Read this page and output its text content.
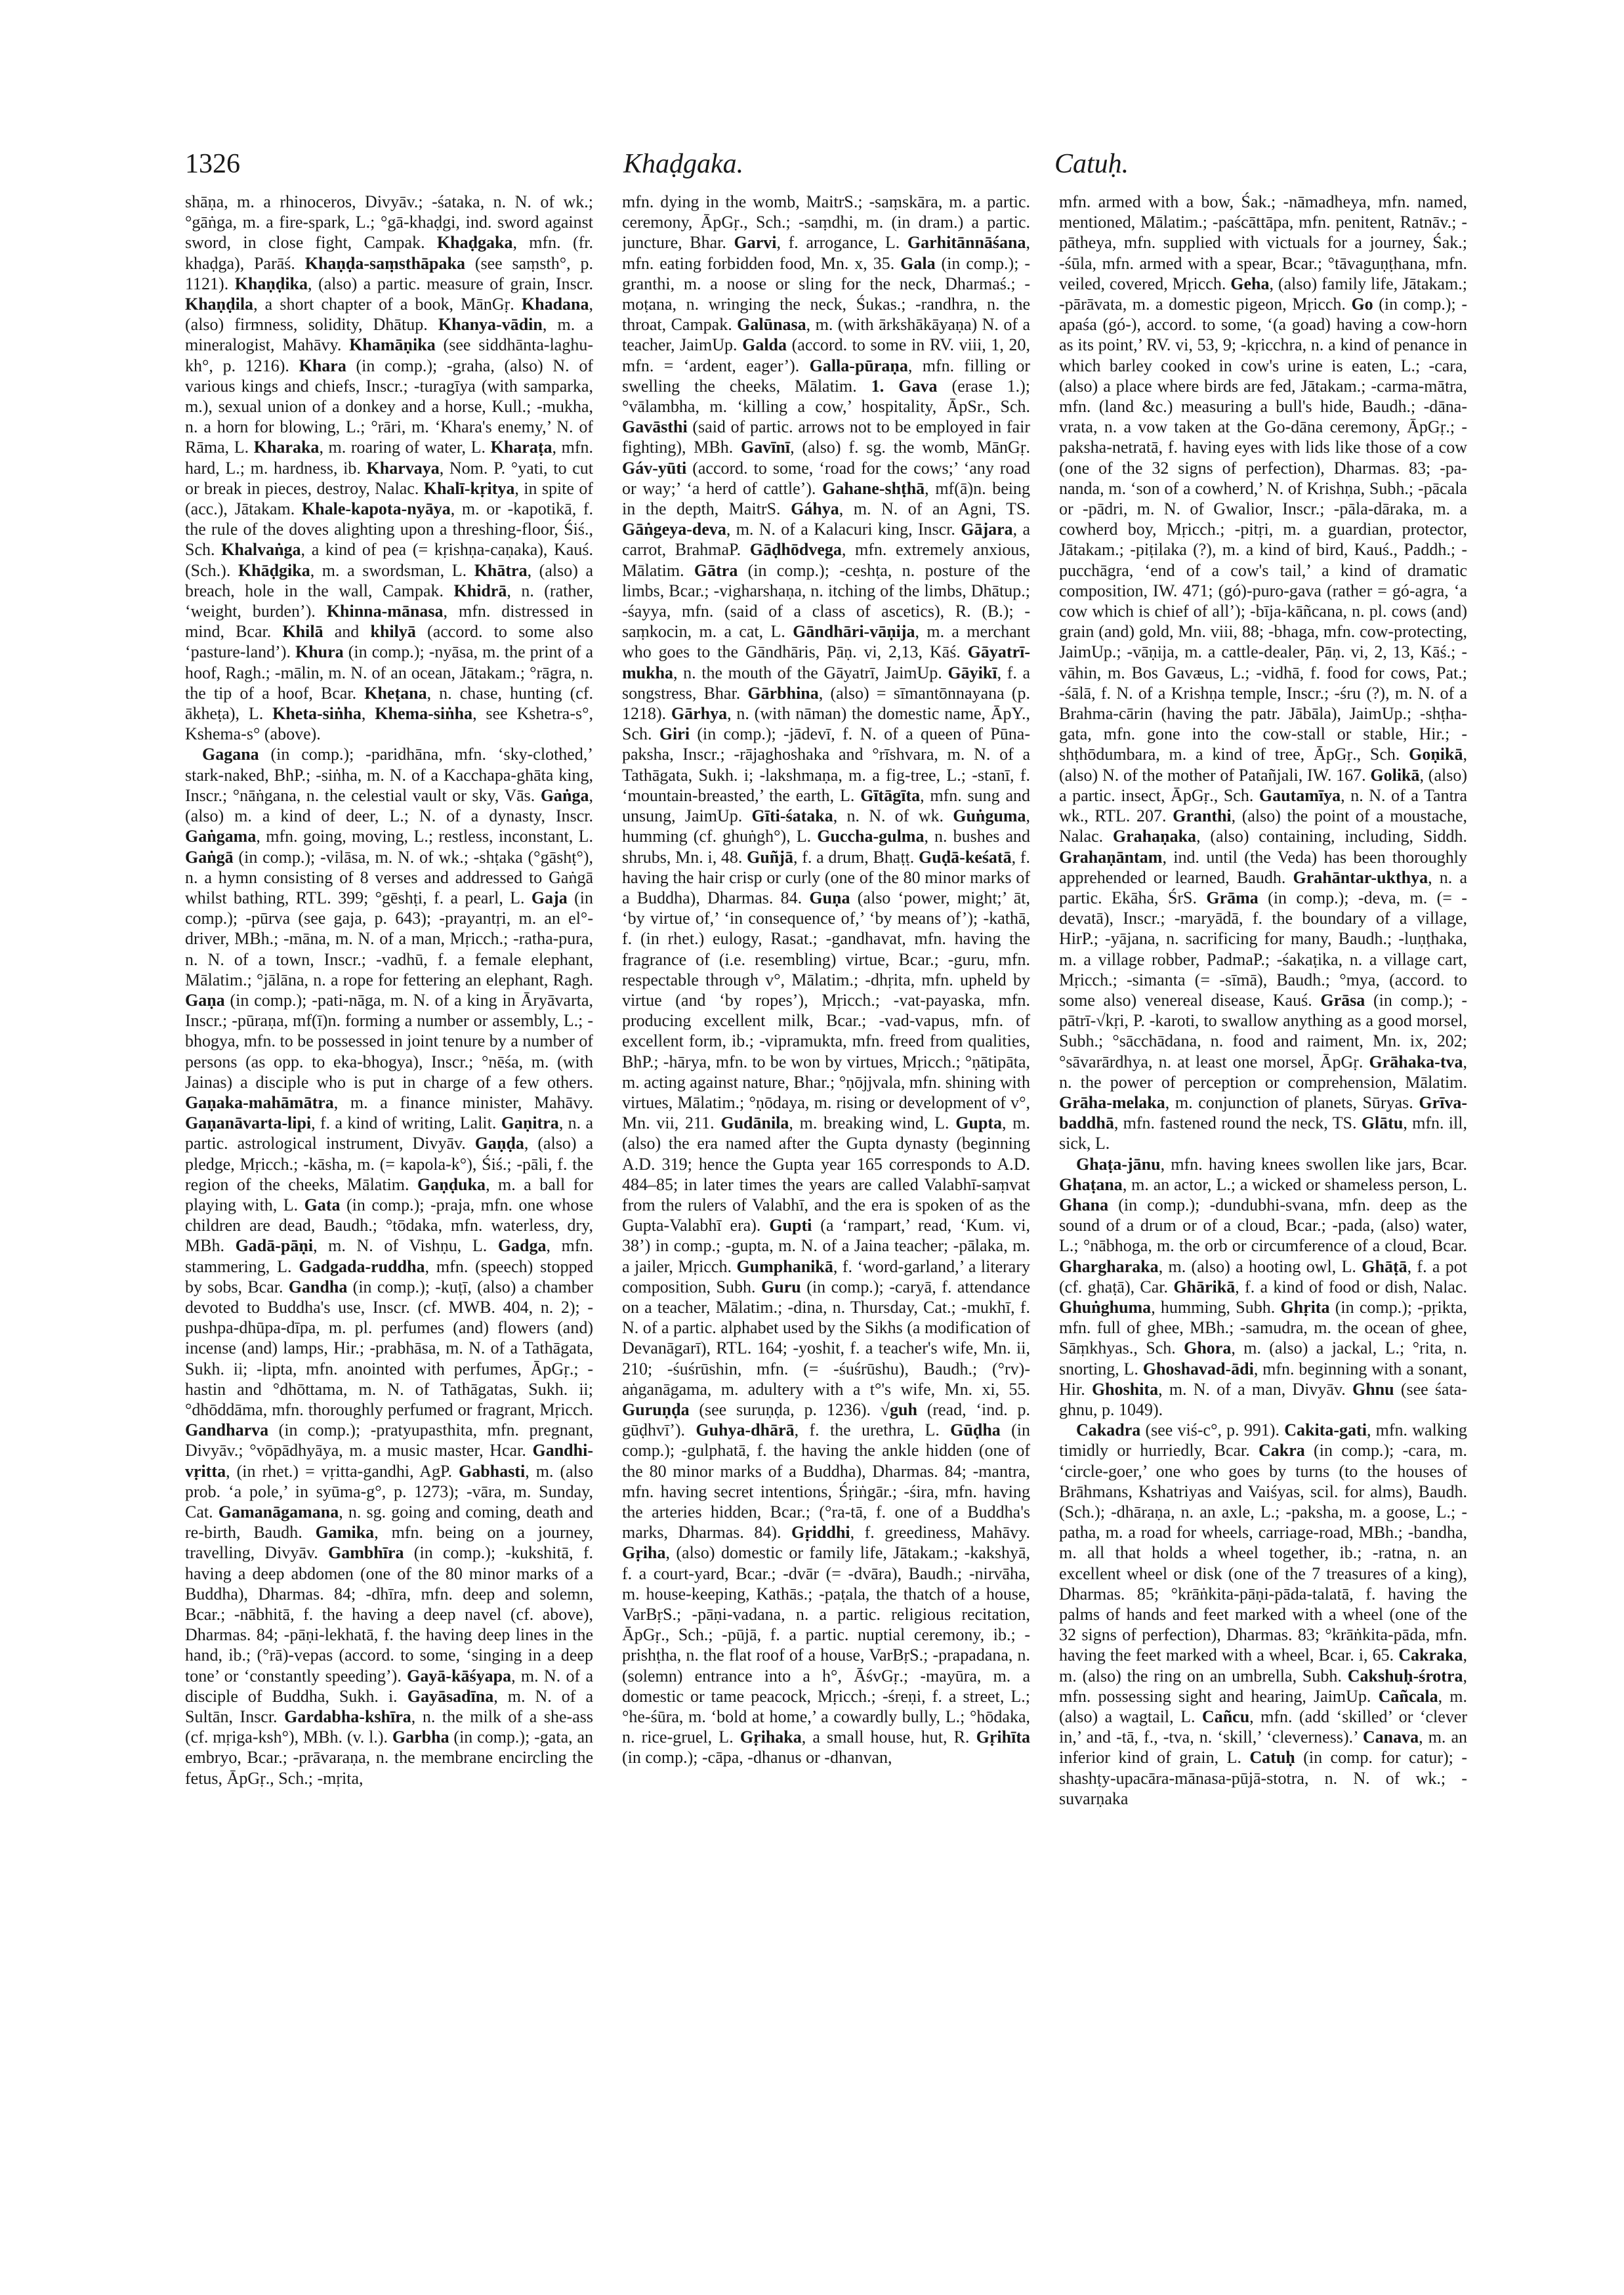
1326	Khaḍgaka.	Catuḥ.

shāṇa, m. a rhinoceros, Divyāv.; -śataka, n. N. of wk.; °gāṅga, m. a fire-spark, L.; °gā-khaḍgi, ind. sword against sword, in close fight, Campak. Khaḍgaka, mfn. (fr. khaḍga), Parāś. Khaṇḍa-saṃsthāpaka (see saṃsth°, p. 1121). Khaṇḍika, (also) a partic. measure of grain, Inscr. Khaṇḍila, a short chapter of a book, MānGṛ. Khadana, (also) firmness, solidity, Dhātup. Khanya-vādin, m. a mineralogist, Mahāvy. Khamāṇika (see siddhānta-laghu-kh°, p. 1216). Khara (in comp.); -graha, (also) N. of various kings and chiefs, Inscr.; -turagīya (with samparka, m.), sexual union of a donkey and a horse, Kull.; -mukha, n. a horn for blowing, L.; °rāri, m. ‘Khara's enemy,’ N. of Rāma, L. Kharaka, m. roaring of water, L. Kharaṭa, mfn. hard, L.; m. hardness, ib. Kharvaya, Nom. P. °yati, to cut or break in pieces, destroy, Nalac. Khalī-kṛitya, in spite of (acc.), Jātakam. Khale-kapota-nyāya, m. or -kapotikā, f. the rule of the doves alighting upon a threshing-floor, Śiś., Sch. Khalvaṅga, a kind of pea (= kṛishṇa-caṇaka), Kauś. (Sch.). Khāḍgika, m. a swordsman, L. Khātra, (also) a breach, hole in the wall, Campak. Khidrā, n. (rather, ‘weight, burden’). Khinna-mānasa, mfn. distressed in mind, Bcar. Khilā and khilyā (accord. to some also ‘pasture-land’). Khura (in comp.); -nyāsa, m. the print of a hoof, Ragh.; -mālin, m. N. of an ocean, Jātakam.; °rāgra, n. the tip of a hoof, Bcar. Kheṭana, n. chase, hunting (cf. ākheṭa), L. Kheta-siṅha, Khema-siṅha, see Kshetra-s°, Kshema-s° (above).

Gagana (in comp.); -paridhāna, mfn. ‘sky-clothed,’ stark-naked, BhP.; -siṅha, m. N. of a Kacchapa-ghāta king, Inscr.; °nāṅgana, n. the celestial vault or sky, Vās. Gaṅga, (also) m. a kind of deer, L.; N. of a dynasty, Inscr. Gaṅgama, mfn. going, moving, L.; restless, inconstant, L. Gaṅgā (in comp.); -vilāsa, m. N. of wk.; -shṭaka (°gāshṭ°), n. a hymn consisting of 8 verses and addressed to Gaṅgā whilst bathing, RTL. 399; °gēshṭi, f. a pearl, L. Gaja (in comp.); -pūrva (see gaja, p. 643); -prayantṛi, m. an el°-driver, MBh.; -māna, m. N. of a man, Mṛicch.; -ratha-pura, n. N. of a town, Inscr.; -vadhū, f. a female elephant, Mālatim.; °jālāna, n. a rope for fettering an elephant, Ragh. Gaṇa (in comp.); -pati-nāga, m. N. of a king in Āryāvarta, Inscr.; -pūraṇa, mf(ī)n. forming a number or assembly, L.; -bhogya, mfn. to be possessed in joint tenure by a number of persons (as opp. to eka-bhogya), Inscr.; °nēśa, m. (with Jainas) a disciple who is put in charge of a few others. Gaṇaka-mahāmātra, m. a finance minister, Mahāvy. Gaṇanāvarta-lipi, f. a kind of writing, Lalit. Gaṇitra, n. a partic. astrological instrument, Divyāv. Gaṇḍa, (also) a pledge, Mṛicch.; -kāsha, m. (= kapola-k°), Śiś.; -pāli, f. the region of the cheeks, Mālatim. Gaṇḍuka, m. a ball for playing with, L. Gata (in comp.); -praja, mfn. one whose children are dead, Baudh.; °tōdaka, mfn. waterless, dry, MBh. Gadā-pāṇi, m. N. of Vishṇu, L. Gadga, mfn. stammering, L. Gadgada-ruddha, mfn. (speech) stopped by sobs, Bcar. Gandha (in comp.); -kuṭī, (also) a chamber devoted to Buddha's use, Inscr. (cf. MWB. 404, n. 2); -pushpa-dhūpa-dīpa, m. pl. perfumes (and) flowers (and) incense (and) lamps, Hir.; -prabhāsa, m. N. of a Tathāgata, Sukh. ii; -lipta, mfn. anointed with perfumes, ĀpGṛ.; -hastin and °dhōttama, m. N. of Tathāgatas, Sukh. ii; °dhōddāma, mfn. thoroughly perfumed or fragrant, Mṛicch. Gandharva (in comp.); -pratyupasthita, mfn. pregnant, Divyāv.; °vōpādhyāya, m. a music master, Hcar. Gandhi-vṛitta, (in rhet.) = vṛitta-gandhi, AgP. Gabhasti, m. (also prob. ‘a pole,’ in syūma-g°, p. 1273); -vāra, m. Sunday, Cat. Gamanāgamana, n. sg. going and coming, death and re-birth, Baudh. Gamika, mfn. being on a journey, travelling, Divyāv. Gambhīra (in comp.); -kukshitā, f. having a deep abdomen (one of the 80 minor marks of a Buddha), Dharmas. 84; -dhīra, mfn. deep and solemn, Bcar.; -nābhitā, f. the having a deep navel (cf. above), Dharmas. 84; -pāṇi-lekhatā, f. the having deep lines in the hand, ib.; (°rā)-vepas (accord. to some, ‘singing in a deep tone’ or ‘constantly speeding’). Gayā-kāśyapa, m. N. of a disciple of Buddha, Sukh. i. Gayāsadīna, m. N. of a Sultān, Inscr. Gardabha-kshīra, n. the milk of a she-ass (cf. mṛiga-ksh°), MBh. (v. l.). Garbha (in comp.); -gata, an embryo, Bcar.; -prāvaraṇa, n. the membrane encircling the fetus, ĀpGṛ., Sch.; -mṛita,

mfn. dying in the womb, MaitrS.; -saṃskāra, m. a partic. ceremony, ĀpGṛ., Sch.; -saṃdhi, m. (in dram.) a partic. juncture, Bhar. Garvi, f. arrogance, L. Garhitānnāśana, mfn. eating forbidden food, Mn. x, 35. Gala (in comp.); -granthi, m. a noose or sling for the neck, Dharmaś.; -moṭana, n. wringing the neck, Śukas.; -randhra, n. the throat, Campak. Galūnasa, m. (with ārkshākāyaṇa) N. of a teacher, JaimUp. Galda (accord. to some in RV. viii, 1, 20, mfn. = ‘ardent, eager’). Galla-pūraṇa, mfn. filling or swelling the cheeks, Mālatim. 1. Gava (erase 1.); °vālambha, m. ‘killing a cow,’ hospitality, ĀpSr., Sch. Gavāsthi (said of partic. arrows not to be employed in fair fighting), MBh. Gavīnī, (also) f. sg. the womb, MānGṛ. Gáv-yūti (accord. to some, ‘road for the cows;’ ‘any road or way;’ ‘a herd of cattle’). Gahane-shṭhā, mf(ā)n. being in the depth, MaitrS. Gáhya, m. N. of an Agni, TS. Gāṅgeya-deva, m. N. of a Kalacuri king, Inscr. Gājara, a carrot, BrahmaP. Gāḍhōdvega, mfn. extremely anxious, Mālatim. Gātra (in comp.); -ceshṭa, n. posture of the limbs, Bcar.; -vigharshaṇa, n. itching of the limbs, Dhātup.; -śayya, mfn. (said of a class of ascetics), R. (B.); -saṃkocin, m. a cat, L. Gāndhāri-vāṇija, m. a merchant who goes to the Gāndhāris, Pāṇ. vi, 2,13, Kāś. Gāyatrī-mukha, n. the mouth of the Gāyatrī, JaimUp. Gāyikī, f. a songstress, Bhar. Gārbhina, (also) = sīmantōnnayana (p. 1218). Gārhya, n. (with nāman) the domestic name, ĀpY., Sch. Giri (in comp.); -jādevī, f. N. of a queen of Pūna-paksha, Inscr.; -rājaghoshaka and °rīshvara, m. N. of a Tathāgata, Sukh. i; -lakshmaṇa, m. a fig-tree, L.; -stanī, f. ‘mountain-breasted,’ the earth, L. Gītāgīta, mfn. sung and unsung, JaimUp. Gīti-śataka, n. N. of wk. Guṅguma, humming (cf. ghuṅgh°), L. Guccha-gulma, n. bushes and shrubs, Mn. i, 48. Guñjā, f. a drum, Bhaṭṭ. Guḍā-keśatā, f. having the hair crisp or curly (one of the 80 minor marks of a Buddha), Dharmas. 84. Guṇa (also ‘power, might;’ āt, ‘by virtue of,’ ‘in consequence of,’ ‘by means of’); -kathā, f. (in rhet.) eulogy, Rasat.; -gandhavat, mfn. having the fragrance of (i.e. resembling) virtue, Bcar.; -guru, mfn. respectable through v°, Mālatim.; -dhṛita, mfn. upheld by virtue (and ‘by ropes’), Mṛicch.; -vat-payaska, mfn. producing excellent milk, Bcar.; -vad-vapus, mfn. of excellent form, ib.; -vipramukta, mfn. freed from qualities, BhP.; -hārya, mfn. to be won by virtues, Mṛicch.; °ṇātipāta, m. acting against nature, Bhar.; °ṇōjjvala, mfn. shining with virtues, Mālatim.; °ṇōdaya, m. rising or development of v°, Mn. vii, 211. Gudānila, m. breaking wind, L. Gupta, m. (also) the era named after the Gupta dynasty (beginning A.D. 319; hence the Gupta year 165 corresponds to A.D. 484–85; in later times the years are called Valabhī-saṃvat from the rulers of Valabhī, and the era is spoken of as the Gupta-Valabhī era). Gupti (a ‘rampart,’ read, ‘Kum. vi, 38’) in comp.; -gupta, m. N. of a Jaina teacher; -pālaka, m. a jailer, Mṛicch. Gumphanikā, f. ‘word-garland,’ a literary composition, Subh. Guru (in comp.); -caryā, f. attendance on a teacher, Mālatim.; -dina, n. Thursday, Cat.; -mukhī, f. N. of a partic. alphabet used by the Sikhs (a modification of Devanāgarī), RTL. 164; -yoshit, f. a teacher's wife, Mn. ii, 210; -śuśrūshin, mfn. (= -śuśrūshu), Baudh.; (°rv)-aṅganāgama, m. adultery with a t°'s wife, Mn. xi, 55. Guruṇḍa (see suruṇḍa, p. 1236). √guh (read, ‘ind. p. gūḍhvī’). Guhya-dhārā, f. the urethra, L. Gūḍha (in comp.); -gulphatā, f. the having the ankle hidden (one of the 80 minor marks of a Buddha), Dharmas. 84; -mantra, mfn. having secret intentions, Śṛiṅgār.; -śira, mfn. having the arteries hidden, Bcar.; (°ra-tā, f. one of a Buddha's marks, Dharmas. 84). Gṛiddhi, f. greediness, Mahāvy. Gṛiha, (also) domestic or family life, Jātakam.; -kakshyā, f. a court-yard, Bcar.; -dvār (= -dvāra), Baudh.; -nirvāha, m. house-keeping, Kathās.; -paṭala, the thatch of a house, VarBṛS.; -pāṇi-vadana, n. a partic. religious recitation, ĀpGṛ., Sch.; -pūjā, f. a partic. nuptial ceremony, ib.; -prishṭha, n. the flat roof of a house, VarBṛS.; -prapadana, n. (solemn) entrance into a h°, ĀśvGṛ.; -mayūra, m. a domestic or tame peacock, Mṛicch.; -śreṇi, f. a street, L.; °he-śūra, m. ‘bold at home,’ a cowardly bully, L.; °hōdaka, n. rice-gruel, L. Gṛihaka, a small house, hut, R. Gṛihīta (in comp.); -cāpa, -dhanus or -dhanvan,

mfn. armed with a bow, Śak.; -nāmadheya, mfn. named, mentioned, Mālatim.; -paścāttāpa, mfn. penitent, Ratnāv.; -pātheya, mfn. supplied with victuals for a journey, Śak.; -śūla, mfn. armed with a spear, Bcar.; °tāvaguṇṭhana, mfn. veiled, covered, Mṛicch. Geha, (also) family life, Jātakam.; -pārāvata, m. a domestic pigeon, Mṛicch. Go (in comp.); -apaśa (gó-), accord. to some, ‘(a goad) having a cow-horn as its point,’ RV. vi, 53, 9; -kṛicchra, n. a kind of penance in which barley cooked in cow's urine is eaten, L.; -cara, (also) a place where birds are fed, Jātakam.; -carma-mātra, mfn. (land &c.) measuring a bull's hide, Baudh.; -dāna-vrata, n. a vow taken at the Go-dāna ceremony, ĀpGṛ.; -paksha-netratā, f. having eyes with lids like those of a cow (one of the 32 signs of perfection), Dharmas. 83; -pa-nanda, m. ‘son of a cowherd,’ N. of Krishṇa, Subh.; -pācala or -pādri, m. N. of Gwalior, Inscr.; -pāla-dāraka, m. a cowherd boy, Mṛicch.; -pitṛi, m. a guardian, protector, Jātakam.; -piṭilaka (?), m. a kind of bird, Kauś., Paddh.; -pucchāgra, ‘end of a cow's tail,’ a kind of dramatic composition, IW. 471; (gó)-puro-gava (rather = gó-agra, ‘a cow which is chief of all’); -bīja-kāñcana, n. pl. cows (and) grain (and) gold, Mn. viii, 88; -bhaga, mfn. cow-protecting, JaimUp.; -vāṇija, m. a cattle-dealer, Pāṇ. vi, 2, 13, Kāś.; -vāhin, m. Bos Gavæus, L.; -vidhā, f. food for cows, Pat.; -śālā, f. N. of a Krishṇa temple, Inscr.; -śru (?), m. N. of a Brahma-cārin (having the patr. Jābāla), JaimUp.; -shṭha-gata, mfn. gone into the cow-stall or stable, Hir.; -shṭhōdumbara, m. a kind of tree, ĀpGṛ., Sch. Goṇikā, (also) N. of the mother of Patañjali, IW. 167. Golikā, (also) a partic. insect, ĀpGṛ., Sch. Gautamīya, n. N. of a Tantra wk., RTL. 207. Granthi, (also) the point of a moustache, Nalac. Grahaṇaka, (also) containing, including, Siddh. Grahaṇāntam, ind. until (the Veda) has been thoroughly apprehended or learned, Baudh. Grahāntar-ukthya, n. a partic. Ekāha, ŚrS. Grāma (in comp.); -deva, m. (= -devatā), Inscr.; -maryādā, f. the boundary of a village, HirP.; -yājana, n. sacrificing for many, Baudh.; -luṇṭhaka, m. a village robber, PadmaP.; -śakaṭika, n. a village cart, Mṛicch.; -simanta (= -sīmā), Baudh.; °mya, (accord. to some also) venereal disease, Kauś. Grāsa (in comp.); -pātrī-√kṛi, P. -karoti, to swallow anything as a good morsel, Subh.; °sācchādana, n. food and raiment, Mn. ix, 202; °sāvarārdhya, n. at least one morsel, ĀpGṛ. Grāhaka-tva, n. the power of perception or comprehension, Mālatim. Grāha-melaka, m. conjunction of planets, Sūryas. Grīva-baddhā, mfn. fastened round the neck, TS. Glātu, mfn. ill, sick, L.

Ghaṭa-jānu, mfn. having knees swollen like jars, Bcar. Ghaṭana, m. an actor, L.; a wicked or shameless person, L. Ghana (in comp.); -dundubhi-svana, mfn. deep as the sound of a drum or of a cloud, Bcar.; -pada, (also) water, L.; °nābhoga, m. the orb or circumference of a cloud, Bcar. Ghargharaka, m. (also) a hooting owl, L. Ghāṭā, f. a pot (cf. ghaṭā), Car. Ghārikā, f. a kind of food or dish, Nalac. Ghuṅghuma, humming, Subh. Ghṛita (in comp.); -pṛikta, mfn. full of ghee, MBh.; -samudra, m. the ocean of ghee, Sāṃkhyas., Sch. Ghora, m. (also) a jackal, L.; °rita, n. snorting, L. Ghoshavad-ādi, mfn. beginning with a sonant, Hir. Ghoshita, m. N. of a man, Divyāv. Ghnu (see śata-ghnu, p. 1049).

Cakadra (see viś-c°, p. 991). Cakita-gati, mfn. walking timidly or hurriedly, Bcar. Cakra (in comp.); -cara, m. ‘circle-goer,’ one who goes by turns (to the houses of Brāhmans, Kshatriyas and Vaiśyas, scil. for alms), Baudh. (Sch.); -dhāraṇa, n. an axle, L.; -paksha, m. a goose, L.; -patha, m. a road for wheels, carriage-road, MBh.; -bandha, m. all that holds a wheel together, ib.; -ratna, n. an excellent wheel or disk (one of the 7 treasures of a king), Dharmas. 85; °krāṅkita-pāṇi-pāda-talatā, f. having the palms of hands and feet marked with a wheel (one of the 32 signs of perfection), Dharmas. 83; °krāṅkita-pāda, mfn. having the feet marked with a wheel, Bcar. i, 65. Cakraka, m. (also) the ring on an umbrella, Subh. Cakshuḥ-śrotra, mfn. possessing sight and hearing, JaimUp. Cañcala, m. (also) a wagtail, L. Cañcu, mfn. (add ‘skilled’ or ‘clever in,’ and -tā, f., -tva, n. ‘skill,’ ‘cleverness).’ Canava, m. an inferior kind of grain, L. Catuḥ (in comp. for catur); -shashṭy-upacāra-mānasa-pūjā-stotra, n. N. of wk.; -suvarṇaka
